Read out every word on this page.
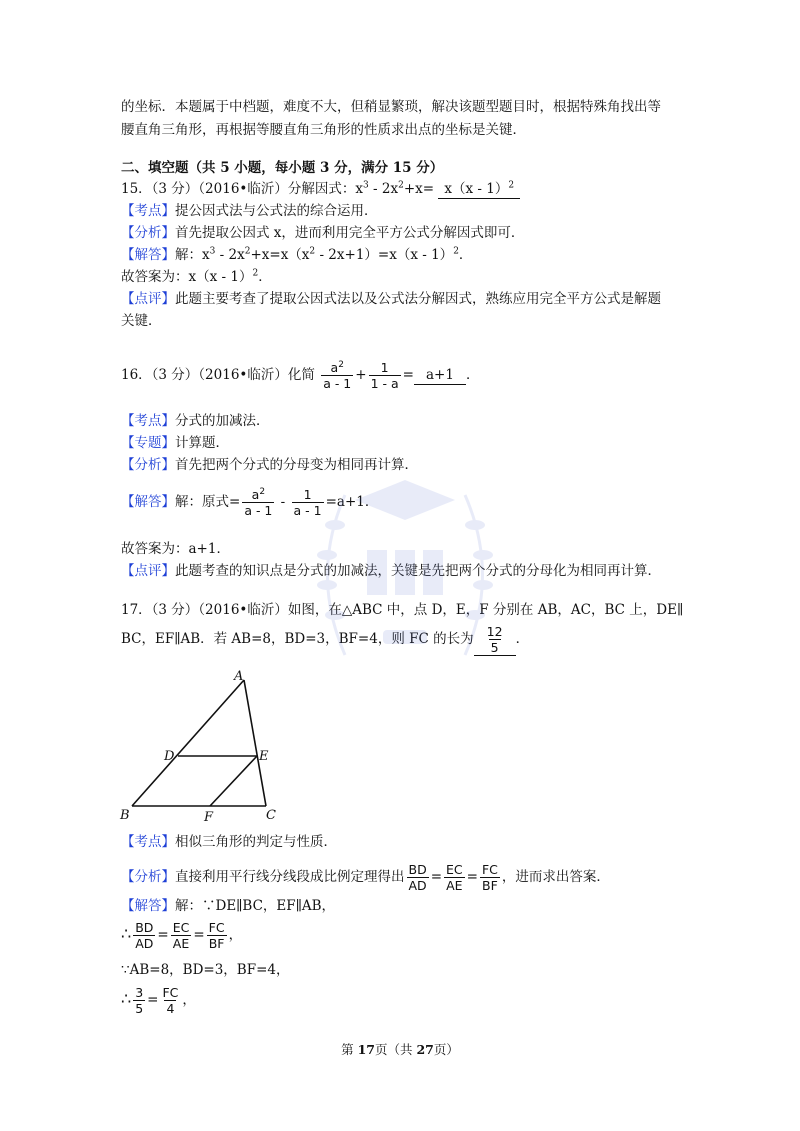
的坐标．本题属于中档题，难度不大，但稍显繁琐，解决该题型题目时，根据特殊角找出等
腰直角三角形，再根据等腰直角三角形的性质求出点的坐标是关键．
二、填空题（共 5 小题，每小题 3 分，满分 15 分）
15．（3 分）（2016•临沂）分解因式：$x^3 - 2x^2+x= x(x - 1)^2$
【考点】提公因式法与公式法的综合运用．
【分析】首先提取公因式 x，进而利用完全平方公式分解因式即可．
【解答】解：$x^3 - 2x^2+x=x(x^2 - 2x+1)=x(x - 1)^2$．
故答案为：x（x - 1）$^2$．
【点评】此题主要考查了提取公因式法以及公式法分解因式，熟练应用完全平方公式是解题
关键．
16．（3 分）（2016•临沂）化简 $\frac{a^2}{a - 1} + \frac{1}{1 - a} = a+1$ ．
【考点】分式的加减法．
【专题】计算题．
【分析】首先把两个分式的分母变为相同再计算．
【解答】解：原式= $\frac{a^2}{a - 1} - \frac{1}{a - 1} =a+1$．
故答案为：a+1．
【点评】此题考查的知识点是分式的加减法，关键是先把两个分式的分母化为相同再计算．
17．（3 分）（2016•临沂）如图，在△ABC 中，点 D，E，F 分别在 AB，AC，BC 上，DE∥
BC，EF∥AB．若 AB=8，BD=3，BF=4，则 FC 的长为 $\frac{12}{5}$ ．
A
B	C
D	E
F
【考点】相似三角形的判定与性质．
【分析】直接利用平行线分线段成比例定理得出 $\frac{BD}{AD} = \frac{EC}{AE} = \frac{FC}{BF}$ ，进而求出答案．
【解答】解：∵DE∥BC，EF∥AB，
∴ $\frac{BD}{AD} = \frac{EC}{AE} = \frac{FC}{BF}$ ，
∵AB=8，BD=3，BF=4，
∴ $\frac{3}{5} = \frac{FC}{4}$ ，
第 17页（共 27页）
